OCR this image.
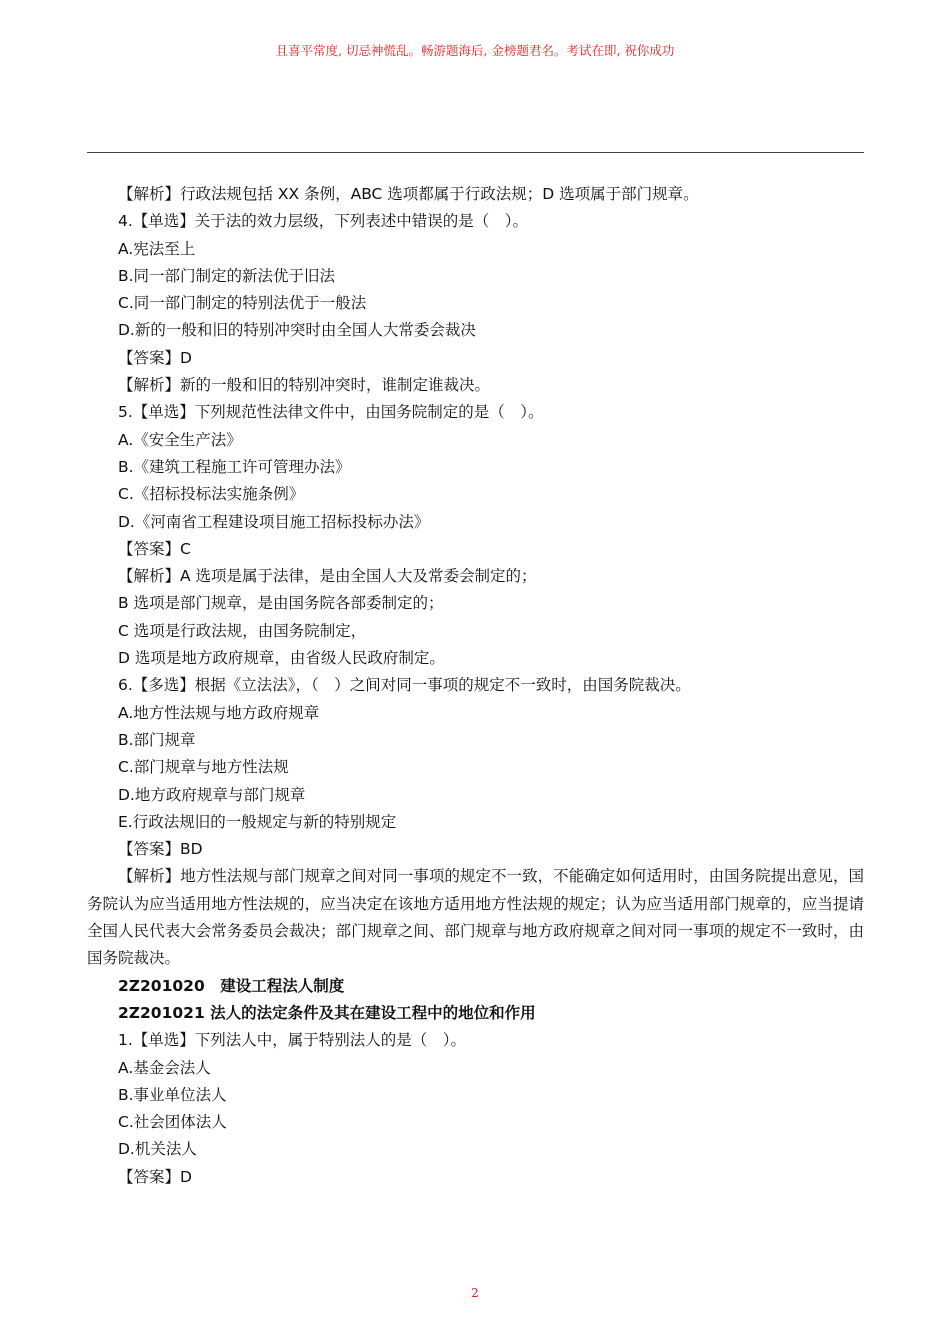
且喜平常度, 切忌神慌乱。畅游题海后, 金榜题君名。考试在即, 祝你成功
【解析】行政法规包括 XX 条例，ABC 选项都属于行政法规；D 选项属于部门规章。
4.【单选】关于法的效力层级，下列表述中错误的是（　）。
A.宪法至上
B.同一部门制定的新法优于旧法
C.同一部门制定的特别法优于一般法
D.新的一般和旧的特别冲突时由全国人大常委会裁决
【答案】D
【解析】新的一般和旧的特别冲突时，谁制定谁裁决。
5.【单选】下列规范性法律文件中，由国务院制定的是（　）。
A.《安全生产法》
B.《建筑工程施工许可管理办法》
C.《招标投标法实施条例》
D.《河南省工程建设项目施工招标投标办法》
【答案】C
【解析】A 选项是属于法律，是由全国人大及常委会制定的；
B 选项是部门规章，是由国务院各部委制定的；
C 选项是行政法规，由国务院制定，
D 选项是地方政府规章，由省级人民政府制定。
6.【多选】根据《立法法》，（　）之间对同一事项的规定不一致时，由国务院裁决。
A.地方性法规与地方政府规章
B.部门规章
C.部门规章与地方性法规
D.地方政府规章与部门规章
E.行政法规旧的一般规定与新的特别规定
【答案】BD
【解析】地方性法规与部门规章之间对同一事项的规定不一致，不能确定如何适用时，由国务院提出意见，国务院认为应当适用地方性法规的，应当决定在该地方适用地方性法规的规定；认为应当适用部门规章的，应当提请全国人民代表大会常务委员会裁决；部门规章之间、部门规章与地方政府规章之间对同一事项的规定不一致时，由国务院裁决。
2Z201020　建设工程法人制度
2Z201021 法人的法定条件及其在建设工程中的地位和作用
1.【单选】下列法人中，属于特别法人的是（　）。
A.基金会法人
B.事业单位法人
C.社会团体法人
D.机关法人
【答案】D
2
